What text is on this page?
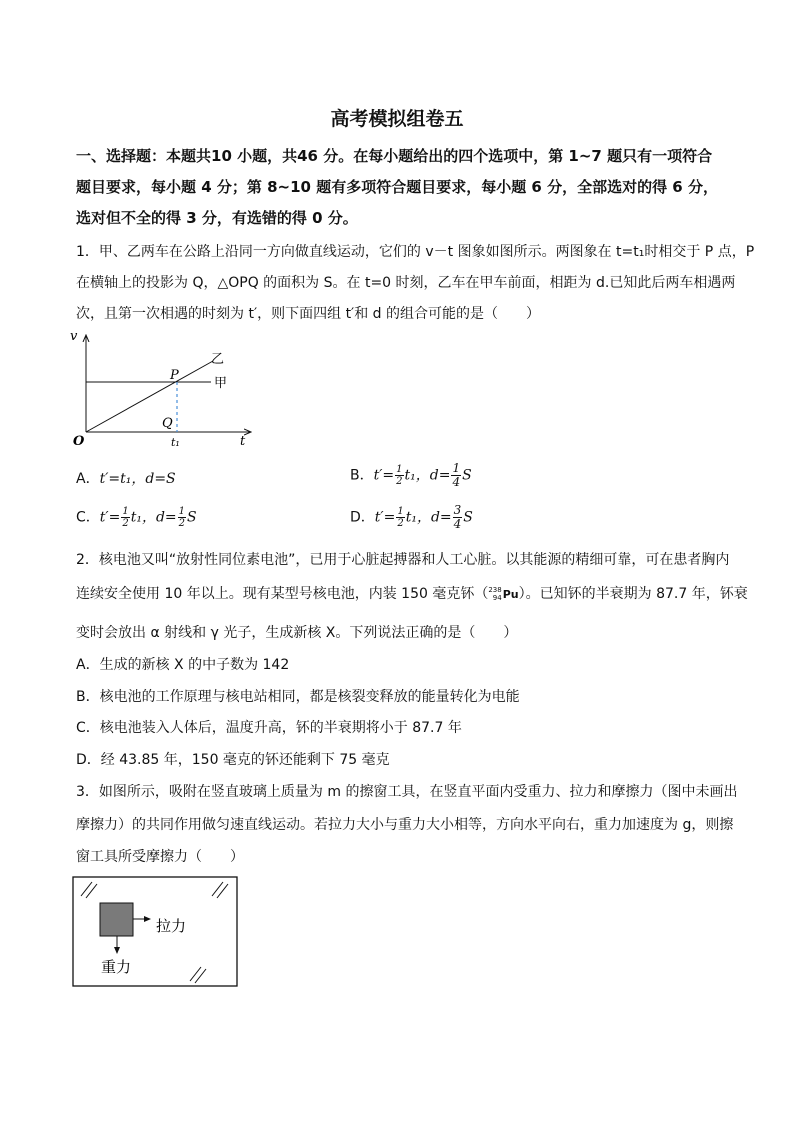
高考模拟组卷五
一、选择题：本题共10 小题，共46 分。在每小题给出的四个选项中，第 1~7 题只有一项符合
题目要求，每小题 4 分；第 8~10 题有多项符合题目要求，每小题 6 分，全部选对的得 6 分，
选对但不全的得 3 分，有选错的得 0 分。
1．甲、乙两车在公路上沿同一方向做直线运动，它们的 v－t 图象如图所示。两图象在 t=t₁时相交于 P 点，P
在横轴上的投影为 Q，△OPQ 的面积为 S。在 t=0 时刻，乙车在甲车前面，相距为 d.已知此后两车相遇两
次，且第一次相遇的时刻为 t′，则下面四组 t′和 d 的组合可能的是（　　）
v
t
O
P
Q
t₁
甲
乙
A．t′=t₁，d=S	B．$t'= \frac{1}{2} t_1$，$d= \frac{1}{4}$ S
C．$t'= \frac{1}{2} t_1$，$d= \frac{1}{2}$ S	D．$t'= \frac{1}{2} t_1$，$d= \frac{3}{4}$ S
2．核电池又叫“放射性同位素电池”，已用于心脏起搏器和人工心脏。以其能源的精细可靠，可在患者胸内
连续安全使用 10 年以上。现有某型号核电池，内装 150 毫克钚（ 238
94 Pu）。已知钚的半衰期为 87.7 年，钚衰
变时会放出 α 射线和 γ 光子，生成新核 X。下列说法正确的是（　　）
A．生成的新核 X 的中子数为 142
B．核电池的工作原理与核电站相同，都是核裂变释放的能量转化为电能
C．核电池装入人体后，温度升高，钚的半衰期将小于 87.7 年
D．经 43.85 年，150 毫克的钚还能剩下 75 毫克
3．如图所示，吸附在竖直玻璃上质量为 m 的擦窗工具，在竖直平面内受重力、拉力和摩擦力（图中未画出
摩擦力）的共同作用做匀速直线运动。若拉力大小与重力大小相等，方向水平向右，重力加速度为 g，则擦
窗工具所受摩擦力（　　）
拉力
重力
